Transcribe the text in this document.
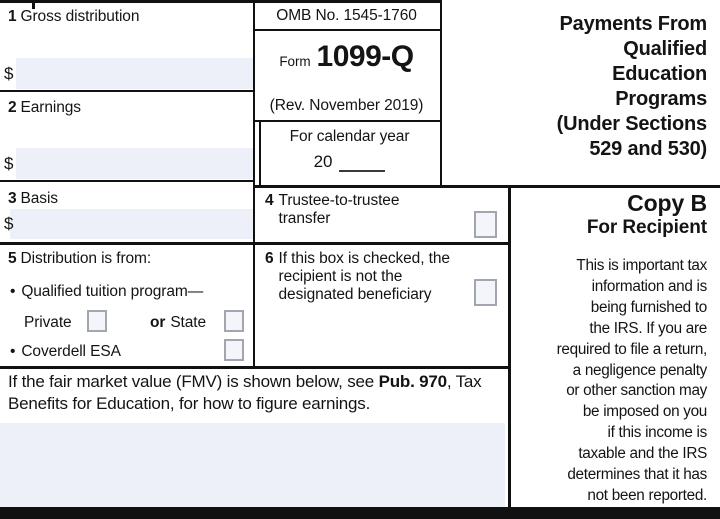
1 Gross distribution
$
2 Earnings
$
3 Basis
$
4 Trustee-to-trustee transfer
5 Distribution is from:
• Qualified tuition program—
Private	or State
• Coverdell ESA
6 If this box is checked, the recipient is not the designated beneficiary
OMB No. 1545-1760
Form 1099-Q
(Rev. November 2019)
For calendar year
20
Payments From
Qualified
Education
Programs
(Under Sections
529 and 530)
Copy B
For Recipient
This is important tax
information and is
being furnished to
the IRS. If you are
required to file a return,
a negligence penalty
or other sanction may
be imposed on you
if this income is
taxable and the IRS
determines that it has
not been reported.
If the fair market value (FMV) is shown below, see Pub. 970, Tax Benefits for Education, for how to figure earnings.
